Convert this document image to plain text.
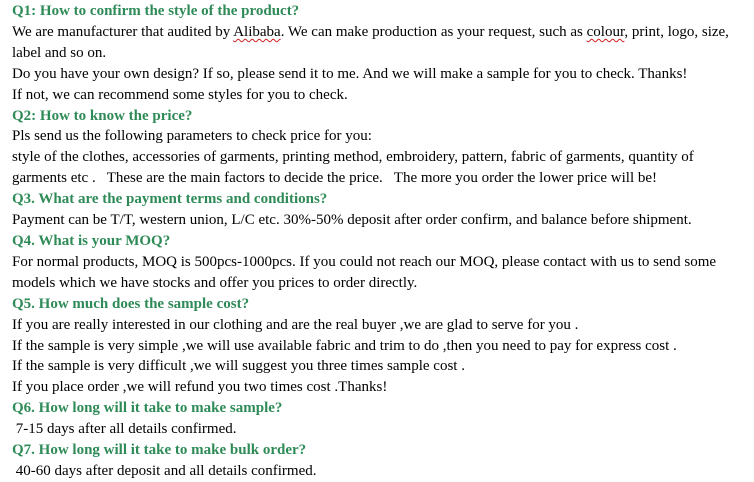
Q1: How to confirm the style of the product?
We are manufacturer that audited by Alibaba. We can make production as your request, such as colour, print, logo, size, label and so on.
Do you have your own design? If so, please send it to me. And we will make a sample for you to check. Thanks!
If not, we can recommend some styles for you to check.
Q2: How to know the price?
Pls send us the following parameters to check price for you:
style of the clothes, accessories of garments, printing method, embroidery, pattern, fabric of garments, quantity of garments etc .   These are the main factors to decide the price.   The more you order the lower price will be!
Q3. What are the payment terms and conditions?
Payment can be T/T, western union, L/C etc. 30%-50% deposit after order confirm, and balance before shipment.
Q4. What is your MOQ?
For normal products, MOQ is 500pcs-1000pcs. If you could not reach our MOQ, please contact with us to send some models which we have stocks and offer you prices to order directly.
Q5. How much does the sample cost?
If you are really interested in our clothing and are the real buyer ,we are glad to serve for you .
If the sample is very simple ,we will use available fabric and trim to do ,then you need to pay for express cost .
If the sample is very difficult ,we will suggest you three times sample cost .
If you place order ,we will refund you two times cost .Thanks!
Q6. How long will it take to make sample?
7-15 days after all details confirmed.
Q7. How long will it take to make bulk order?
40-60 days after deposit and all details confirmed.
